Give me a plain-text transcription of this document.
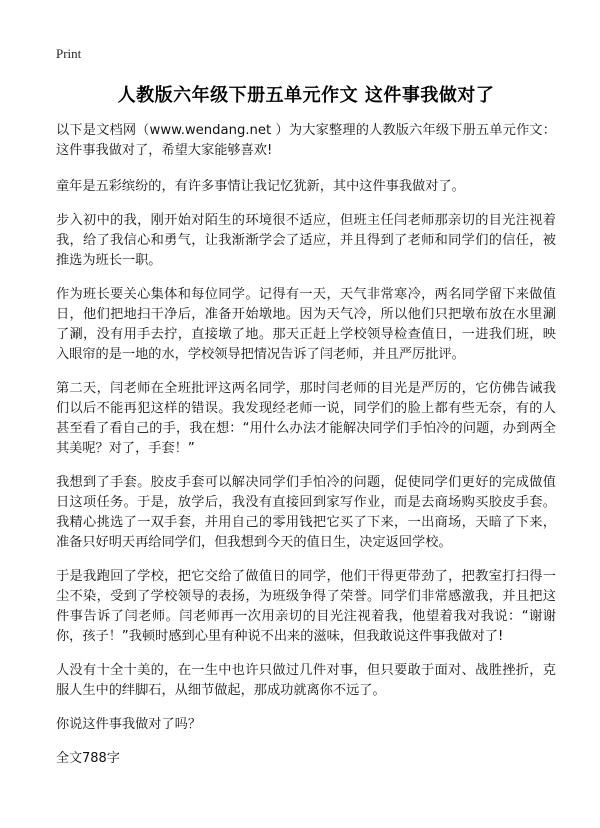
Print
人教版六年级下册五单元作文 这件事我做对了

以下是文档网（www.wendang.net ）为大家整理的人教版六年级下册五单元作文：这件事我做对了，希望大家能够喜欢!

童年是五彩缤纷的，有许多事情让我记忆犹新，其中这件事我做对了。

步入初中的我，刚开始对陌生的环境很不适应，但班主任闫老师那亲切的目光注视着我，给了我信心和勇气，让我渐渐学会了适应，并且得到了老师和同学们的信任，被推选为班长一职。

作为班长要关心集体和每位同学。记得有一天，天气非常寒冷，两名同学留下来做值日，他们把地扫干净后，准备开始墩地。因为天气冷，所以他们只把墩布放在水里涮了涮，没有用手去拧，直接墩了地。那天正赶上学校领导检查值日，一进我们班，映入眼帘的是一地的水，学校领导把情况告诉了闫老师，并且严厉批评。

第二天，闫老师在全班批评这两名同学，那时闫老师的目光是严厉的，它仿佛告诫我们以后不能再犯这样的错误。我发现经老师一说，同学们的脸上都有些无奈，有的人甚至看了看自己的手，我在想：“用什么办法才能解决同学们手怕冷的问题，办到两全其美呢？对了，手套！”

我想到了手套。胶皮手套可以解决同学们手怕冷的问题，促使同学们更好的完成做值日这项任务。于是，放学后，我没有直接回到家写作业，而是去商场购买胶皮手套。我精心挑选了一双手套，并用自己的零用钱把它买了下来，一出商场，天暗了下来，准备只好明天再给同学们，但我想到今天的值日生，决定返回学校。

于是我跑回了学校，把它交给了做值日的同学，他们干得更带劲了，把教室打扫得一尘不染，受到了学校领导的表扬，为班级争得了荣誉。同学们非常感激我，并且把这件事告诉了闫老师。闫老师再一次用亲切的目光注视着我，他望着我对我说：“谢谢你，孩子！”我顿时感到心里有种说不出来的滋味，但我敢说这件事我做对了!

人没有十全十美的，在一生中也许只做过几件对事，但只要敢于面对、战胜挫折，克服人生中的绊脚石，从细节做起，那成功就离你不远了。

你说这件事我做对了吗？

全文788字
